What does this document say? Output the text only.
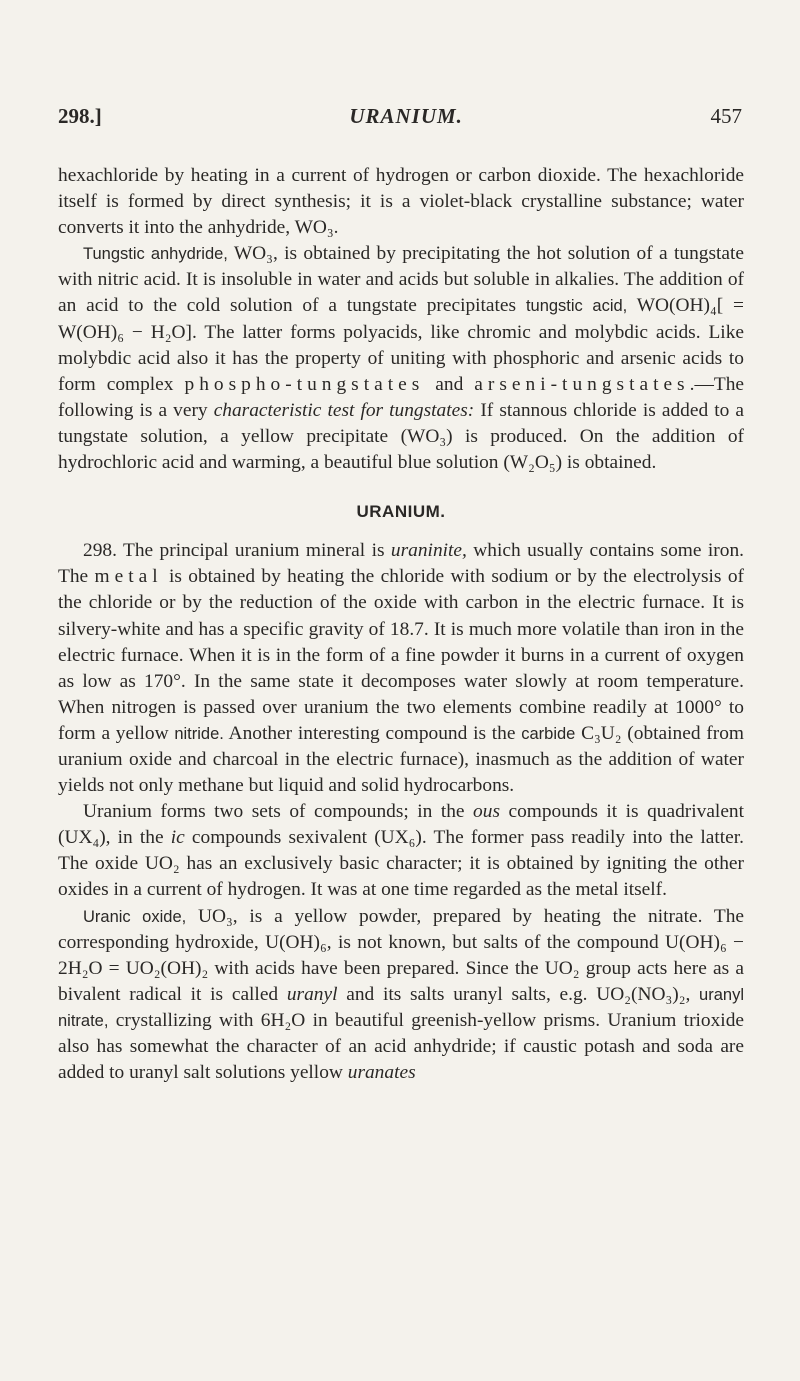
298.]	URANIUM.	457

hexachloride by heating in a current of hydrogen or carbon dioxide. The hexachloride itself is formed by direct synthesis; it is a violet-black crystalline substance; water converts it into the anhydride, WO₃.

Tungstic anhydride, WO₃, is obtained by precipitating the hot solution of a tungstate with nitric acid. It is insoluble in water and acids but soluble in alkalies. The addition of an acid to the cold solution of a tungstate precipitates tungstic acid, WO(OH)₄[ = W(OH)₆ − H₂O]. The latter forms polyacids, like chromic and molybdic acids. Like molybdic acid also it has the property of uniting with phosphoric and arsenic acids to form complex phospho-tungstates and arseni-tungstates.—The following is a very characteristic test for tungstates: If stannous chloride is added to a tungstate solution, a yellow precipitate (WO₃) is produced. On the addition of hydrochloric acid and warming, a beautiful blue solution (W₂O₅) is obtained.

URANIUM.

298. The principal uranium mineral is uraninite, which usually contains some iron. The metal is obtained by heating the chloride with sodium or by the electrolysis of the chloride or by the reduction of the oxide with carbon in the electric furnace. It is silvery-white and has a specific gravity of 18.7. It is much more volatile than iron in the electric furnace. When it is in the form of a fine powder it burns in a current of oxygen as low as 170°. In the same state it decomposes water slowly at room temperature. When nitrogen is passed over uranium the two elements combine readily at 1000° to form a yellow nitride. Another interesting compound is the carbide C₃U₂ (obtained from uranium oxide and charcoal in the electric furnace), inasmuch as the addition of water yields not only methane but liquid and solid hydrocarbons.

Uranium forms two sets of compounds; in the ous compounds it is quadrivalent (UX₄), in the ic compounds sexivalent (UX₆). The former pass readily into the latter. The oxide UO₂ has an exclusively basic character; it is obtained by igniting the other oxides in a current of hydrogen. It was at one time regarded as the metal itself.

Uranic oxide, UO₃, is a yellow powder, prepared by heating the nitrate. The corresponding hydroxide, U(OH)₆, is not known, but salts of the compound U(OH)₆ − 2H₂O = UO₂(OH)₂ with acids have been prepared. Since the UO₂ group acts here as a bivalent radical it is called uranyl and its salts uranyl salts, e.g. UO₂(NO₃)₂, uranyl nitrate, crystallizing with 6H₂O in beautiful greenish-yellow prisms. Uranium trioxide also has somewhat the character of an acid anhydride; if caustic potash and soda are added to uranyl salt solutions yellow uranates
